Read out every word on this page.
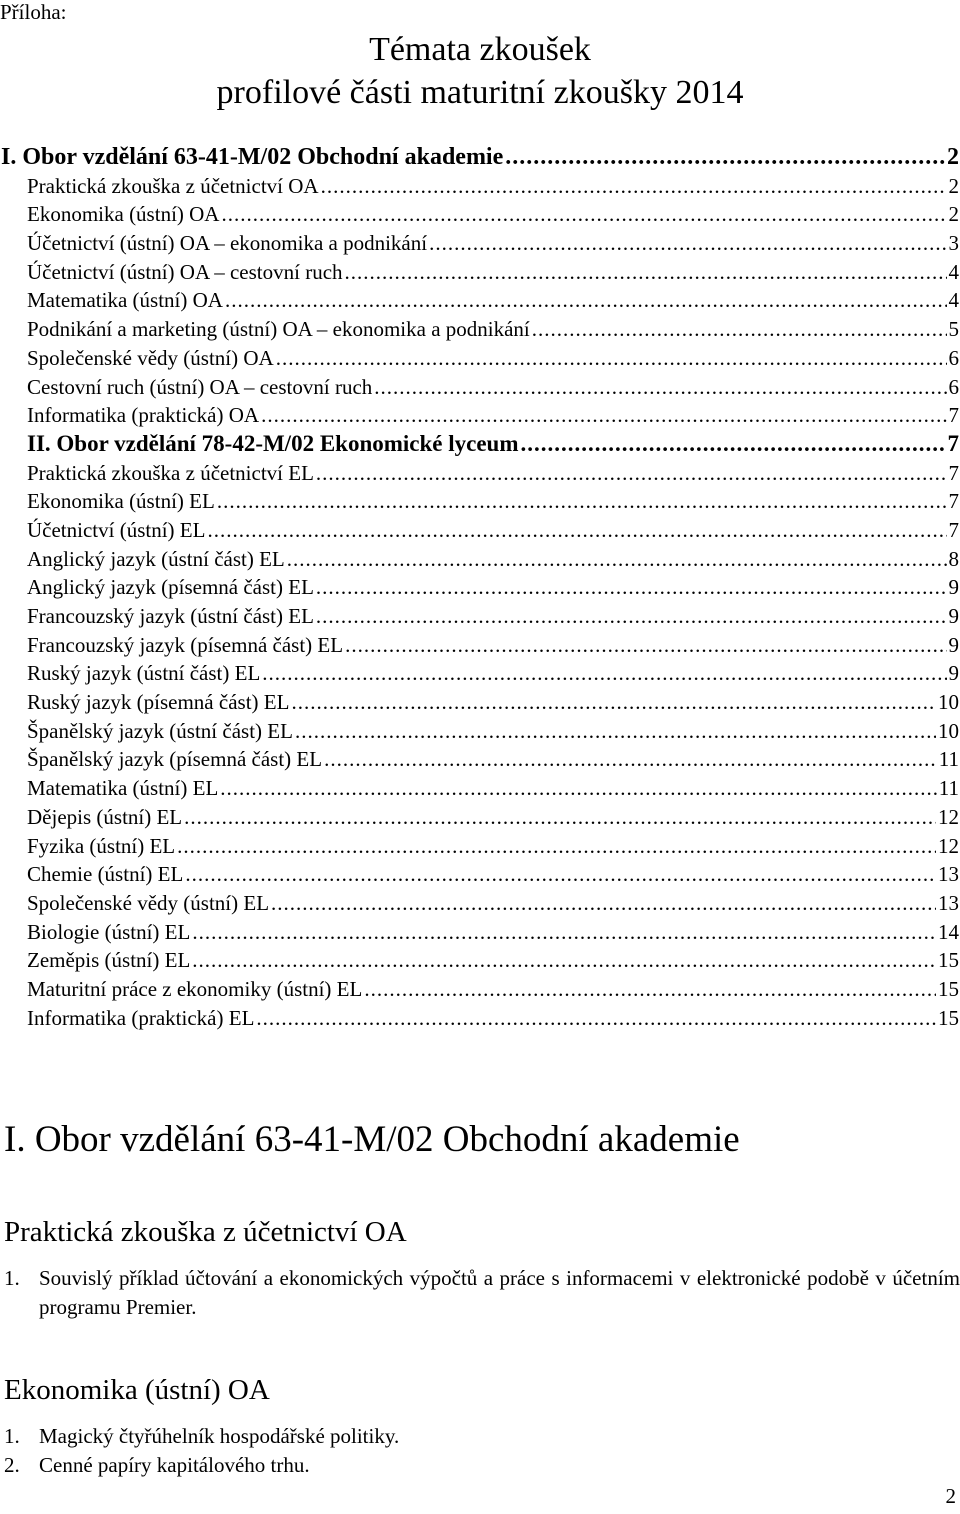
Příloha:
Témata zkoušek
profilové části maturitní zkoušky 2014
I. Obor vzdělání 63-41-M/02 Obchodní akademie .....	2
Praktická zkouška z účetnictví OA .....	2
Ekonomika (ústní) OA .....	2
Účetnictví (ústní) OA – ekonomika a podnikání .....	3
Účetnictví (ústní) OA – cestovní ruch .....	4
Matematika (ústní) OA .....	4
Podnikání a marketing (ústní) OA – ekonomika a podnikání .....	5
Společenské vědy (ústní) OA .....	6
Cestovní ruch (ústní) OA – cestovní ruch .....	6
Informatika (praktická) OA .....	7
II. Obor vzdělání 78-42-M/02 Ekonomické lyceum .....	7
Praktická zkouška z účetnictví EL .....	7
Ekonomika (ústní) EL .....	7
Účetnictví (ústní) EL .....	7
Anglický jazyk (ústní část) EL .....	8
Anglický jazyk (písemná část) EL .....	9
Francouzský jazyk (ústní část) EL .....	9
Francouzský jazyk (písemná část) EL .....	9
Ruský jazyk (ústní část) EL .....	9
Ruský jazyk (písemná část) EL .....	10
Španělský jazyk (ústní část) EL .....	10
Španělský jazyk (písemná část) EL .....	11
Matematika (ústní) EL .....	11
Dějepis (ústní) EL .....	12
Fyzika (ústní) EL .....	12
Chemie (ústní) EL .....	13
Společenské vědy (ústní) EL .....	13
Biologie (ústní) EL .....	14
Zeměpis (ústní) EL .....	15
Maturitní práce z ekonomiky (ústní) EL .....	15
Informatika (praktická) EL .....	15
I. Obor vzdělání 63-41-M/02 Obchodní akademie
Praktická zkouška z účetnictví OA
1. Souvislý příklad účtování a ekonomických výpočtů a práce s informacemi v elektronické podobě v účetním programu Premier.
Ekonomika (ústní) OA
1. Magický čtyřúhelník hospodářské politiky.
2. Cenné papíry kapitálového trhu.
2
